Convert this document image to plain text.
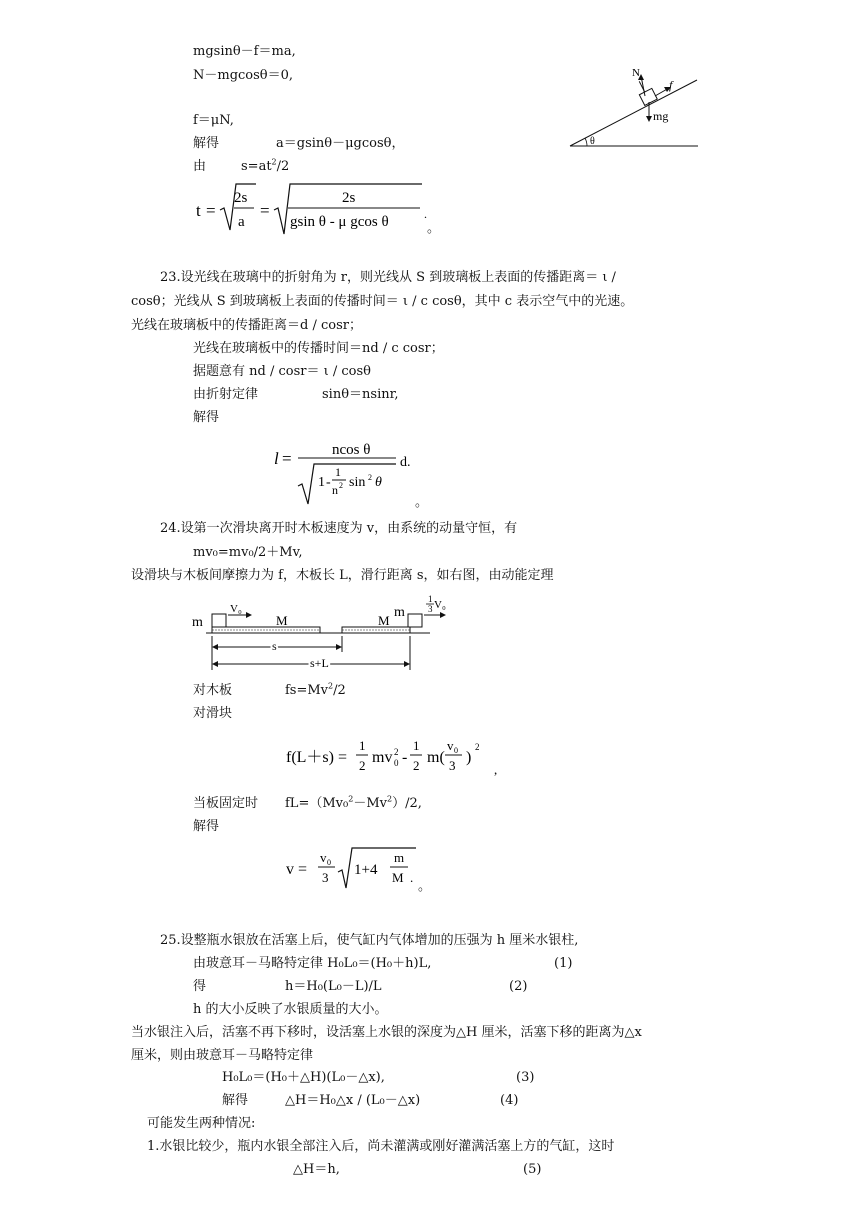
mgsinθ－f＝ma,
N－mgcosθ＝0,
f＝μN,
解得	a＝gsinθ－μgcosθ，
由	$s=at^2/2$
t =
2s
a
=
2s
gsin θ - μ gcos θ	.
。
θ
N
f
mg
23.设光线在玻璃中的折射角为 r，则光线从 S 到玻璃板上表面的传播距离＝ ι /
cosθ；光线从 S 到玻璃板上表面的传播时间＝ ι / c cosθ，其中 c 表示空气中的光速。
光线在玻璃板中的传播距离＝d / cosr；
光线在玻璃板中的传播时间＝nd / c cosr；
据题意有 nd / cosr＝ ι / cosθ
由折射定律	sinθ＝nsinr,
解得
l =	ncos θ
1 -
1
n 2 sin 2 θ
d.
。
24.设第一次滑块离开时木板速度为 v，由系统的动量守恒，有
mv₀=mv₀/2＋Mv,
设滑块与木板间摩擦力为 f，木板长 L，滑行距离 s，如右图，由动能定理
m
V₀
M	M
m
1
3 V₀
s
s+L
对木板	$fs=Mv^2/2$
对滑块
f(L＋s) =
1
2 mv 0
2 -
1
2 m(
v 0
3 )
2
,
当板固定时 $fL=(Mv_0^2-Mv^2)/2$,
解得
v =
v 0
3 1+4
m
M .
。
25.设整瓶水银放在活塞上后，使气缸内气体增加的压强为 h 厘米水银柱,
由玻意耳－马略特定律 H₀L₀＝(H₀＋h)L,	(1)
得	h＝H₀(L₀－L)/L	(2)
h 的大小反映了水银质量的大小。
当水银注入后，活塞不再下移时，设活塞上水银的深度为△H 厘米，活塞下移的距离为△x
厘米，则由玻意耳－马略特定律
H₀L₀＝(H₀＋△H)(L₀－△x),	(3)
解得	△H＝H₀△x / (L₀－△x)	(4)
可能发生两种情况:
1.水银比较少，瓶内水银全部注入后，尚未灌满或刚好灌满活塞上方的气缸，这时
△H＝h,	(5)
